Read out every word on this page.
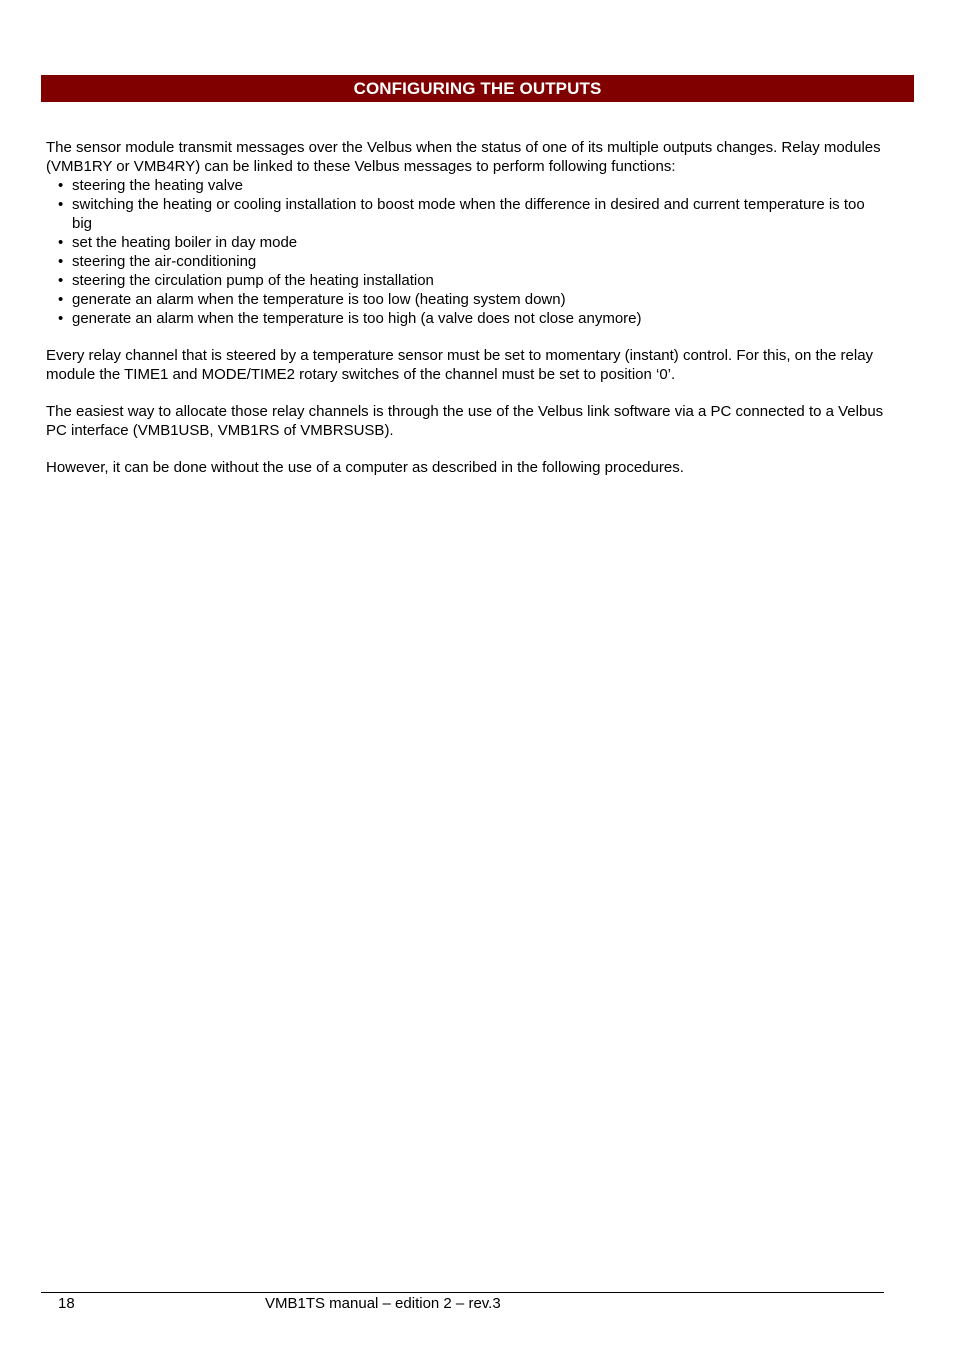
CONFIGURING THE OUTPUTS

The sensor module transmit messages over the Velbus when the status of one of its multiple outputs changes. Relay modules (VMB1RY or VMB4RY) can be linked to these Velbus messages to perform following functions:

• steering the heating valve
• switching the heating or cooling installation to boost mode when the difference in desired and current temperature is too big
• set the heating boiler in day mode
• steering the air-conditioning
• steering the circulation pump of the heating installation
• generate an alarm when the temperature is too low (heating system down)
• generate an alarm when the temperature is too high (a valve does not close anymore)

Every relay channel that is steered by a temperature sensor must be set to momentary (instant) control. For this, on the relay module the TIME1 and MODE/TIME2 rotary switches of the channel must be set to position ‘0’.

The easiest way to allocate those relay channels is through the use of the Velbus link software via a PC connected to a Velbus PC interface (VMB1USB, VMB1RS of VMBRSUSB).

However, it can be done without the use of a computer as described in the following procedures.

18	VMB1TS manual – edition 2 – rev.3
